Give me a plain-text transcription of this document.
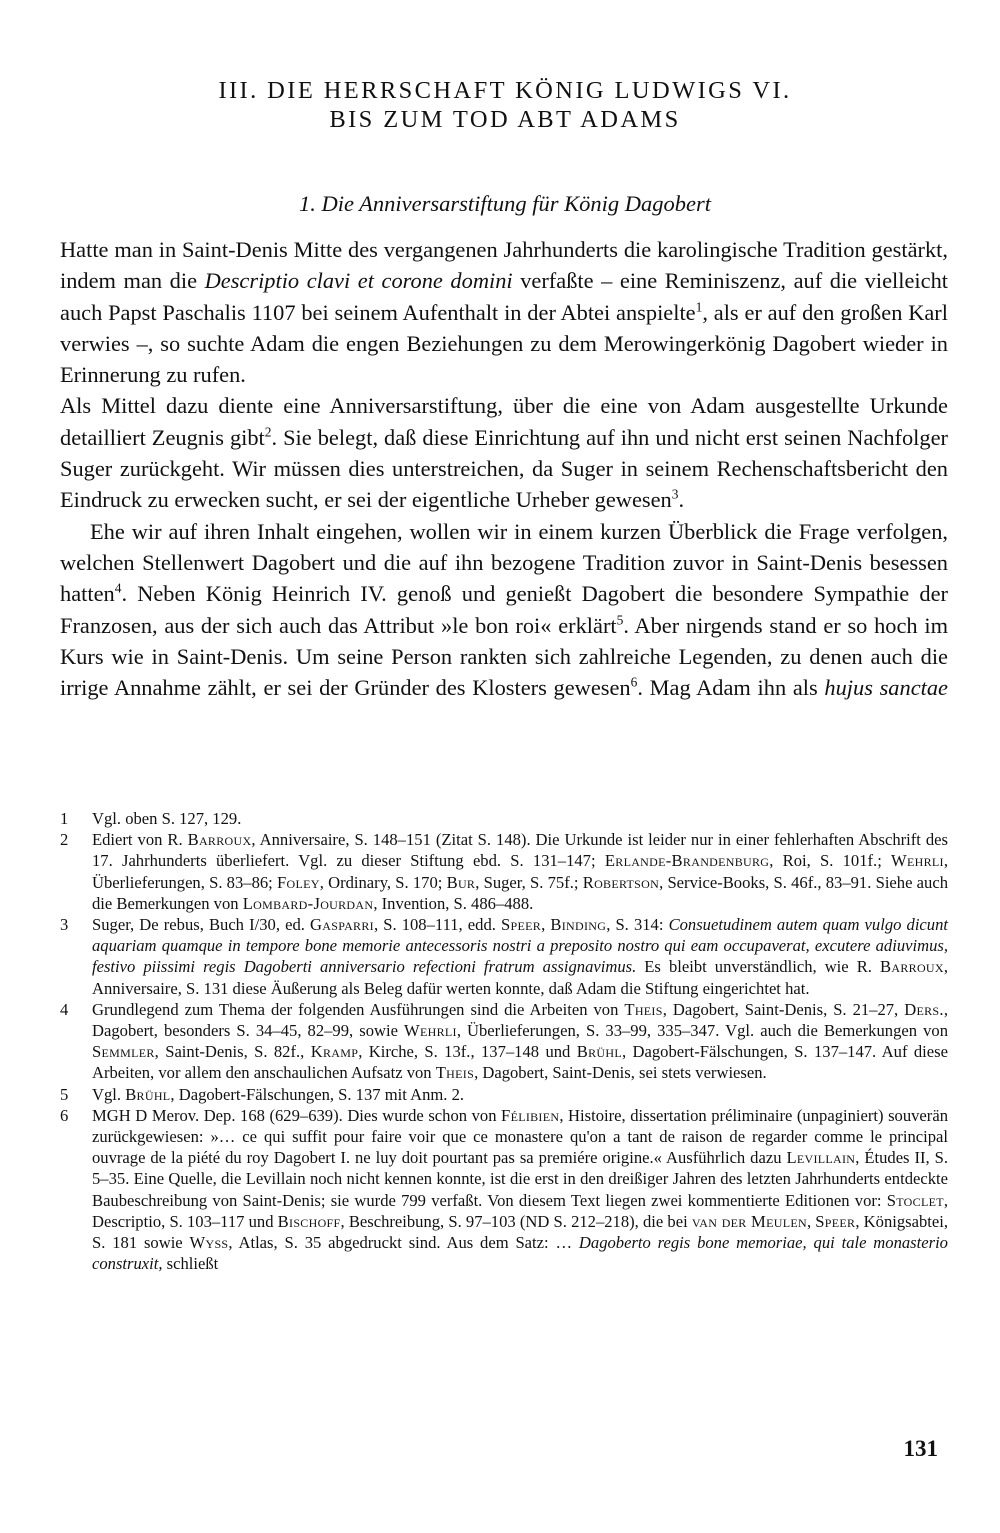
III. DIE HERRSCHAFT KÖNIG LUDWIGS VI.
BIS ZUM TOD ABT ADAMS
1. Die Anniversarstiftung für König Dagobert

Hatte man in Saint-Denis Mitte des vergangenen Jahrhunderts die karolingische Tradition gestärkt, indem man die Descriptio clavi et corone domini verfaßte – eine Reminiszenz, auf die vielleicht auch Papst Paschalis 1107 bei seinem Aufenthalt in der Abtei anspielte$^1$, als er auf den großen Karl verwies –, so suchte Adam die engen Beziehungen zu dem Merowingerkönig Dagobert wieder in Erinnerung zu rufen.

Als Mittel dazu diente eine Anniversarstiftung, über die eine von Adam ausgestellte Urkunde detailliert Zeugnis gibt$^2$. Sie belegt, daß diese Einrichtung auf ihn und nicht erst seinen Nachfolger Suger zurückgeht. Wir müssen dies unterstreichen, da Suger in seinem Rechenschaftsbericht den Eindruck zu erwecken sucht, er sei der eigentliche Urheber gewesen$^3$.

Ehe wir auf ihren Inhalt eingehen, wollen wir in einem kurzen Überblick die Frage verfolgen, welchen Stellenwert Dagobert und die auf ihn bezogene Tradition zuvor in Saint-Denis besessen hatten$^4$. Neben König Heinrich IV. genoß und genießt Dagobert die besondere Sympathie der Franzosen, aus der sich auch das Attribut »le bon roi« erklärt$^5$. Aber nirgends stand er so hoch im Kurs wie in Saint-Denis. Um seine Person rankten sich zahlreiche Legenden, zu denen auch die irrige Annahme zählt, er sei der Gründer des Klosters gewesen$^6$. Mag Adam ihn als hujus sanctae

1	Vgl. oben S. 127, 129.
2	Ediert von R. Barroux, Anniversaire, S. 148–151 (Zitat S. 148). Die Urkunde ist leider nur in einer fehlerhaften Abschrift des 17. Jahrhunderts überliefert. Vgl. zu dieser Stiftung ebd. S. 131–147; Erlande-Brandenburg, Roi, S. 101f.; Wehrli, Überlieferungen, S. 83–86; Foley, Ordinary, S. 170; Bur, Suger, S. 75f.; Robertson, Service-Books, S. 46f., 83–91. Siehe auch die Bemerkungen von Lombard-Jourdan, Invention, S. 486–488.
3	Suger, De rebus, Buch I/30, ed. Gasparri, S. 108–111, edd. Speer, Binding, S. 314: Consuetudinem autem quam vulgo dicunt aquariam quamque in tempore bone memorie antecessoris nostri a preposito nostro qui eam occupaverat, excutere adiuvimus, festivo piissimi regis Dagoberti anniversario refectioni fratrum assignavimus. Es bleibt unverständlich, wie R. Barroux, Anniversaire, S. 131 diese Äußerung als Beleg dafür werten konnte, daß Adam die Stiftung eingerichtet hat.
4	Grundlegend zum Thema der folgenden Ausführungen sind die Arbeiten von Theis, Dagobert, Saint-Denis, S. 21–27, Ders., Dagobert, besonders S. 34–45, 82–99, sowie Wehrli, Überlieferungen, S. 33–99, 335–347. Vgl. auch die Bemerkungen von Semmler, Saint-Denis, S. 82f., Kramp, Kirche, S. 13f., 137–148 und Brühl, Dagobert-Fälschungen, S. 137–147. Auf diese Arbeiten, vor allem den anschaulichen Aufsatz von Theis, Dagobert, Saint-Denis, sei stets verwiesen.
5	Vgl. Brühl, Dagobert-Fälschungen, S. 137 mit Anm. 2.
6	MGH D Merov. Dep. 168 (629–639). Dies wurde schon von Félibien, Histoire, dissertation préliminaire (unpaginiert) souverän zurückgewiesen: »… ce qui suffit pour faire voir que ce monastere qu'on a tant de raison de regarder comme le principal ouvrage de la piété du roy Dagobert I. ne luy doit pourtant pas sa premiére origine.« Ausführlich dazu Levillain, Études II, S. 5–35. Eine Quelle, die Levillain noch nicht kennen konnte, ist die erst in den dreißiger Jahren des letzten Jahrhunderts entdeckte Baubeschreibung von Saint-Denis; sie wurde 799 verfaßt. Von diesem Text liegen zwei kommentierte Editionen vor: Stoclet, Descriptio, S. 103–117 und Bischoff, Beschreibung, S. 97–103 (ND S. 212–218), die bei van der Meulen, Speer, Königsabtei, S. 181 sowie Wyss, Atlas, S. 35 abgedruckt sind. Aus dem Satz: … Dagoberto regis bone memoriae, qui tale monasterio construxit, schließt
131
